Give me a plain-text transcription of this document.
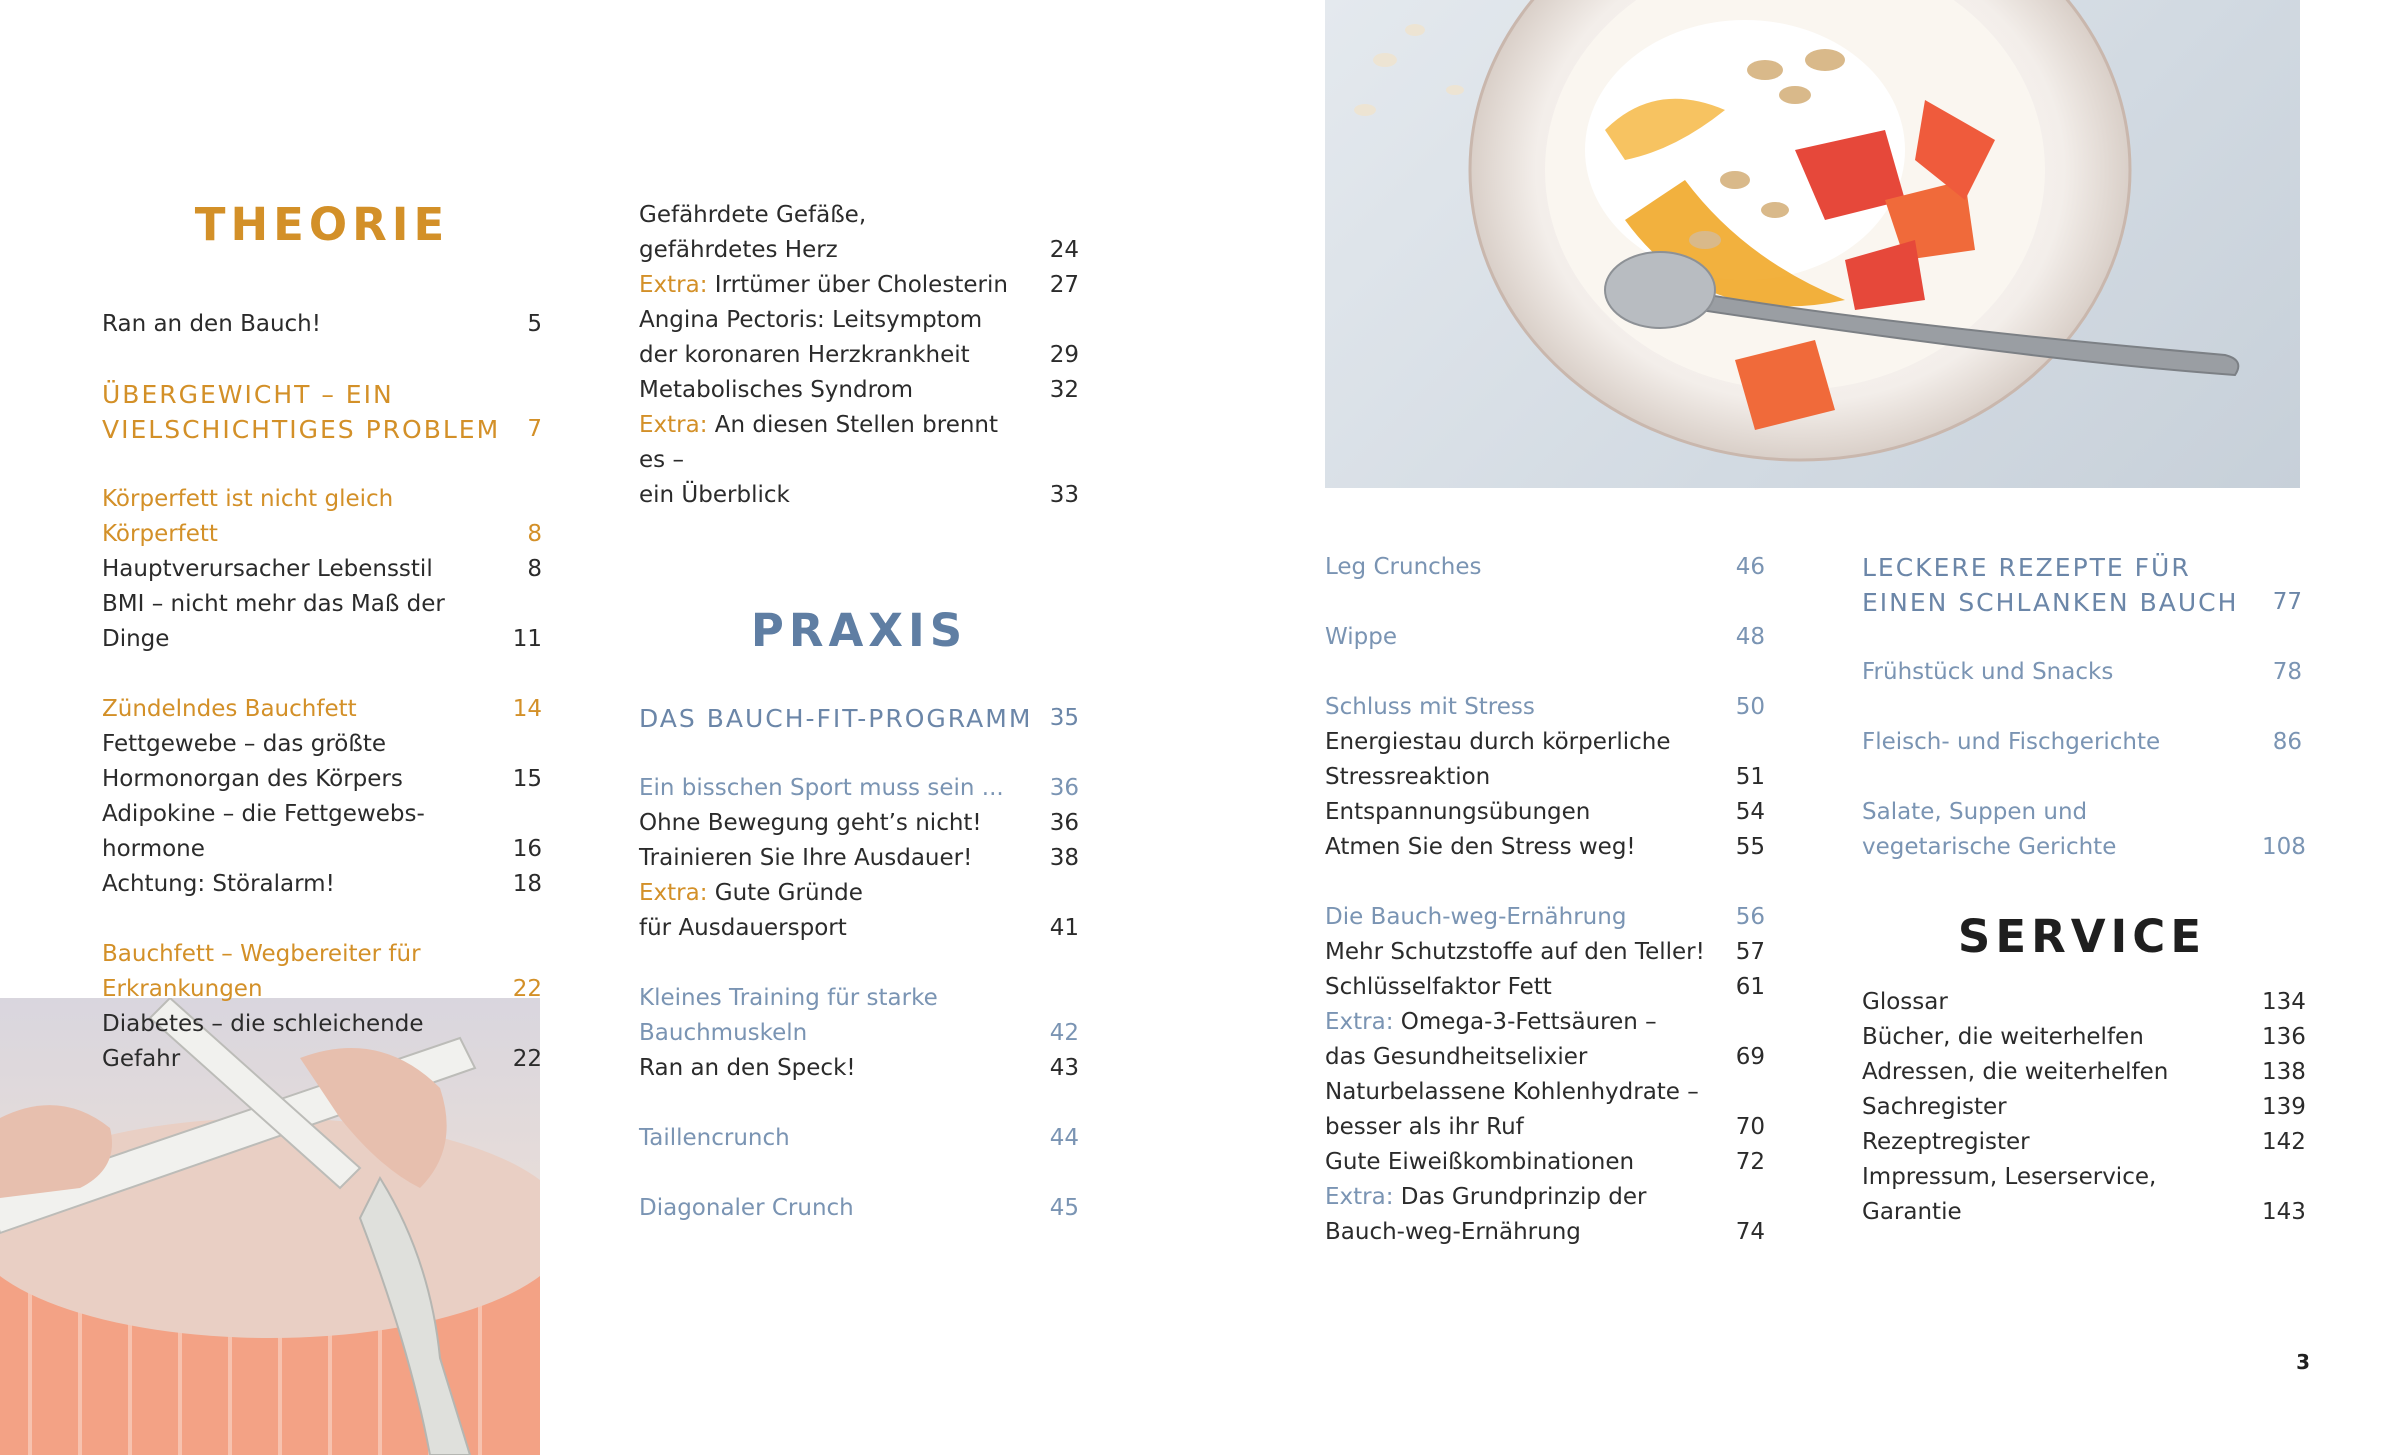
THEORIE
Ran an den Bauch!	5
ÜBERGEWICHT – EIN
VIELSCHICHTIGES PROBLEM	7
Körperfett ist nicht gleich Körperfett	8
Hauptverursacher Lebensstil	8
BMI – nicht mehr das Maß der Dinge	11
Zündelndes Bauchfett	14
Fettgewebe – das größte
Hormonorgan des Körpers	15
Adipokine – die Fettgewebs-
hormone	16
Achtung: Störalarm!	18
Bauchfett – Wegbereiter für
Erkrankungen	22
Diabetes – die schleichende Gefahr	22
Gefährdete Gefäße,
gefährdetes Herz	24
Extra: Irrtümer über Cholesterin	27
Angina Pectoris: Leitsymptom
der koronaren Herzkrankheit	29
Metabolisches Syndrom	32
Extra: An diesen Stellen brennt es –
ein Überblick	33
PRAXIS
DAS BAUCH-FIT-PROGRAMM 35
Ein bisschen Sport muss sein ...	36
Ohne Bewegung geht’s nicht!	36
Trainieren Sie Ihre Ausdauer!	38
Extra: Gute Gründe
für Ausdauersport	41
Kleines Training für starke
Bauchmuskeln	42
Ran an den Speck!	43
Taillencrunch	44
Diagonaler Crunch	45
Leg Crunches	46
Wippe	48
Schluss mit Stress	50
Energiestau durch körperliche
Stressreaktion	51
Entspannungsübungen	54
Atmen Sie den Stress weg!	55
Die Bauch-weg-Ernährung	56
Mehr Schutzstoffe auf den Teller!	57
Schlüsselfaktor Fett	61
Extra: Omega-3-Fettsäuren –
das Gesundheitselixier	69
Naturbelassene Kohlenhydrate –
besser als ihr Ruf	70
Gute Eiweißkombinationen	72
Extra: Das Grundprinzip der
Bauch-weg-Ernährung	74
LECKERE REZEPTE FÜR
EINEN SCHLANKEN BAUCH	77
Frühstück und Snacks	78
Fleisch- und Fischgerichte	86
Salate, Suppen und
vegetarische Gerichte	108
SERVICE
Glossar	134
Bücher, die weiterhelfen	136
Adressen, die weiterhelfen	138
Sachregister	139
Rezeptregister	142
Impressum, Leserservice, Garantie	143
3
